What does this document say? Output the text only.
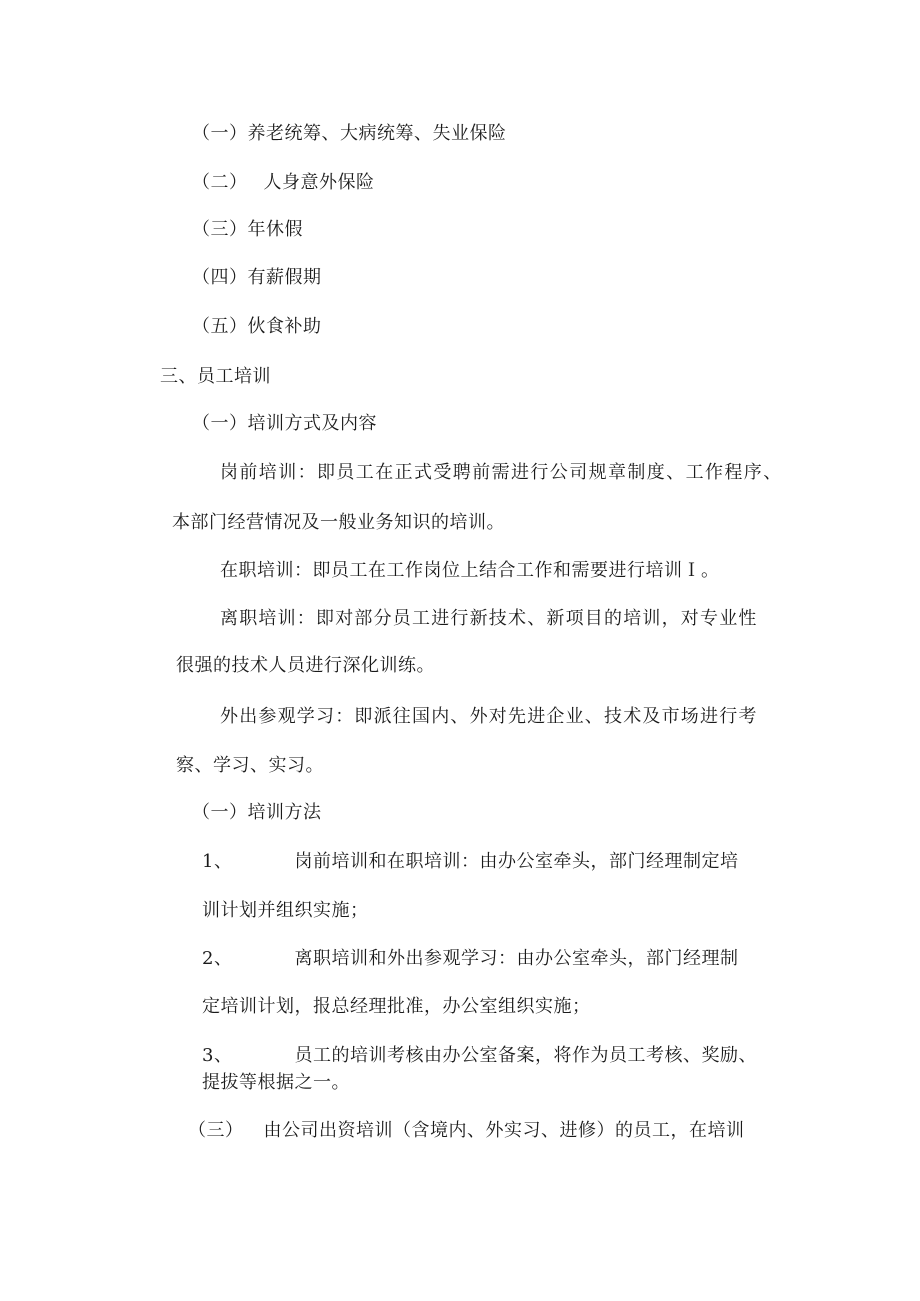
（一）养老统筹、大病统筹、失业保险
（二） 人身意外保险
（三）年休假
（四）有薪假期
（五）伙食补助
三、员工培训
（一）培训方式及内容
岗前培训：即员工在正式受聘前需进行公司规章制度、工作程序、
本部门经营情况及一般业务知识的培训。
在职培训：即员工在工作岗位上结合工作和需要进行培训Ｉ。
离职培训：即对部分员工进行新技术、新项目的培训，对专业性
很强的技术人员进行深化训练。
外出参观学习：即派往国内、外对先进企业、技术及市场进行考
察、学习、实习。
（一）培训方法
1、	岗前培训和在职培训：由办公室牵头，部门经理制定培
训计划并组织实施；
2、	离职培训和外出参观学习：由办公室牵头，部门经理制
定培训计划，报总经理批准，办公室组织实施；
3、	员工的培训考核由办公室备案，将作为员工考核、奖励、
提拔等根据之一。
（三） 由公司出资培训（含境内、外实习、进修）的员工，在培训
